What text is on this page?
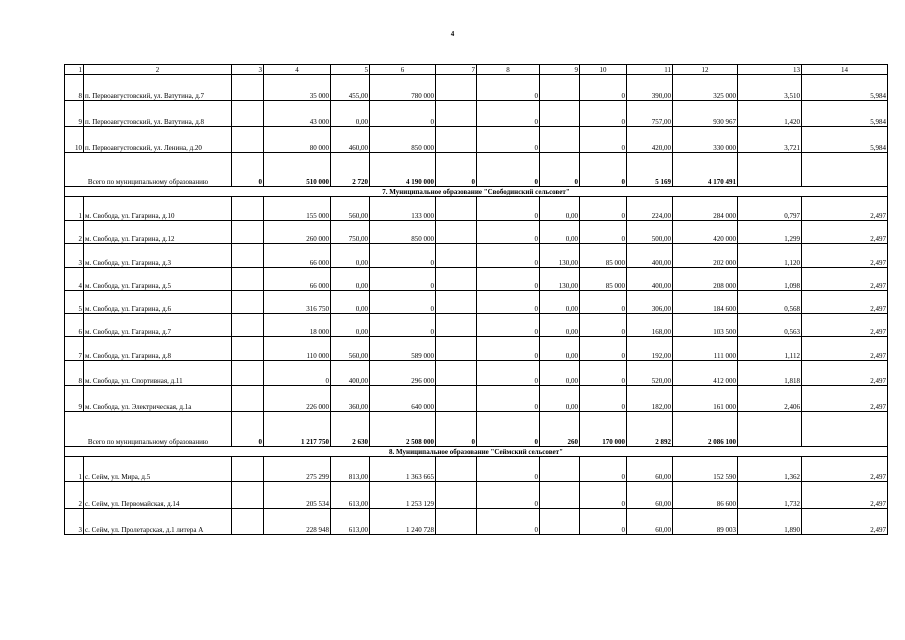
4
1	2	3	4	5	6	7	8	9	10	11	12	13	14
8	п. Первоавгустовский, ул. Ватутина, д.7		35 000	455,00	780 000		0		0	390,00	325 000	3,510	5,984
9	п. Первоавгустовский, ул. Ватутина, д.8		43 000	0,00	0		0		0	757,00	930 967	1,420	5,984
10	п. Первоавгустовский, ул. Ленина, д.20		80 000	460,00	850 000		0		0	420,00	330 000	3,721	5,984
Всего по муниципальному образованию		0	510 000	2 720	4 190 000	0	0	0	0	5 169	4 170 491		
7. Муниципальное образование "Свободинский сельсовет"													
1	м. Свобода, ул. Гагарина, д.10		155 000	560,00	133 000		0	0,00	0	224,00	284 000	0,797	2,497
2	м. Свобода, ул. Гагарина, д.12		260 000	750,00	850 000		0	0,00	0	500,00	420 000	1,299	2,497
3	м. Свобода, ул. Гагарина, д.3		66 000	0,00	0		0	130,00	85 000	400,00	202 000	1,120	2,497
4	м. Свобода, ул. Гагарина, д.5		66 000	0,00	0		0	130,00	85 000	400,00	208 000	1,098	2,497
5	м. Свобода, ул. Гагарина, д.6		316 750	0,00	0		0	0,00	0	306,00	184 600	0,568	2,497
6	м. Свобода, ул. Гагарина, д.7		18 000	0,00	0		0	0,00	0	168,00	103 500	0,563	2,497
7	м. Свобода, ул. Гагарина, д.8		110 000	560,00	589 000		0	0,00	0	192,00	111 000	1,112	2,497
8	м. Свобода, ул. Спортивная, д.11		0	400,00	296 000		0	0,00	0	520,00	412 000	1,818	2,497
9	м. Свобода, ул. Электрическая, д.1а		226 000	360,00	640 000		0	0,00	0	182,00	161 000	2,406	2,497
Всего по муниципальному образованию		0	1 217 750	2 630	2 508 000	0	0	260	170 000	2 892	2 086 100		
8. Муниципальное образование "Сеймский сельсовет"													
1	с. Сейм, ул. Мира, д.5		275 299	813,00	1 363 665		0		0	60,00	152 590	1,362	2,497
2	с. Сейм, ул. Первомайская, д.14		205 534	613,00	1 253 129		0		0	60,00	86 600	1,732	2,497
3	с. Сейм, ул. Пролетарская, д.1 литера А		228 948	613,00	1 240 728		0		0	60,00	89 003	1,890	2,497
